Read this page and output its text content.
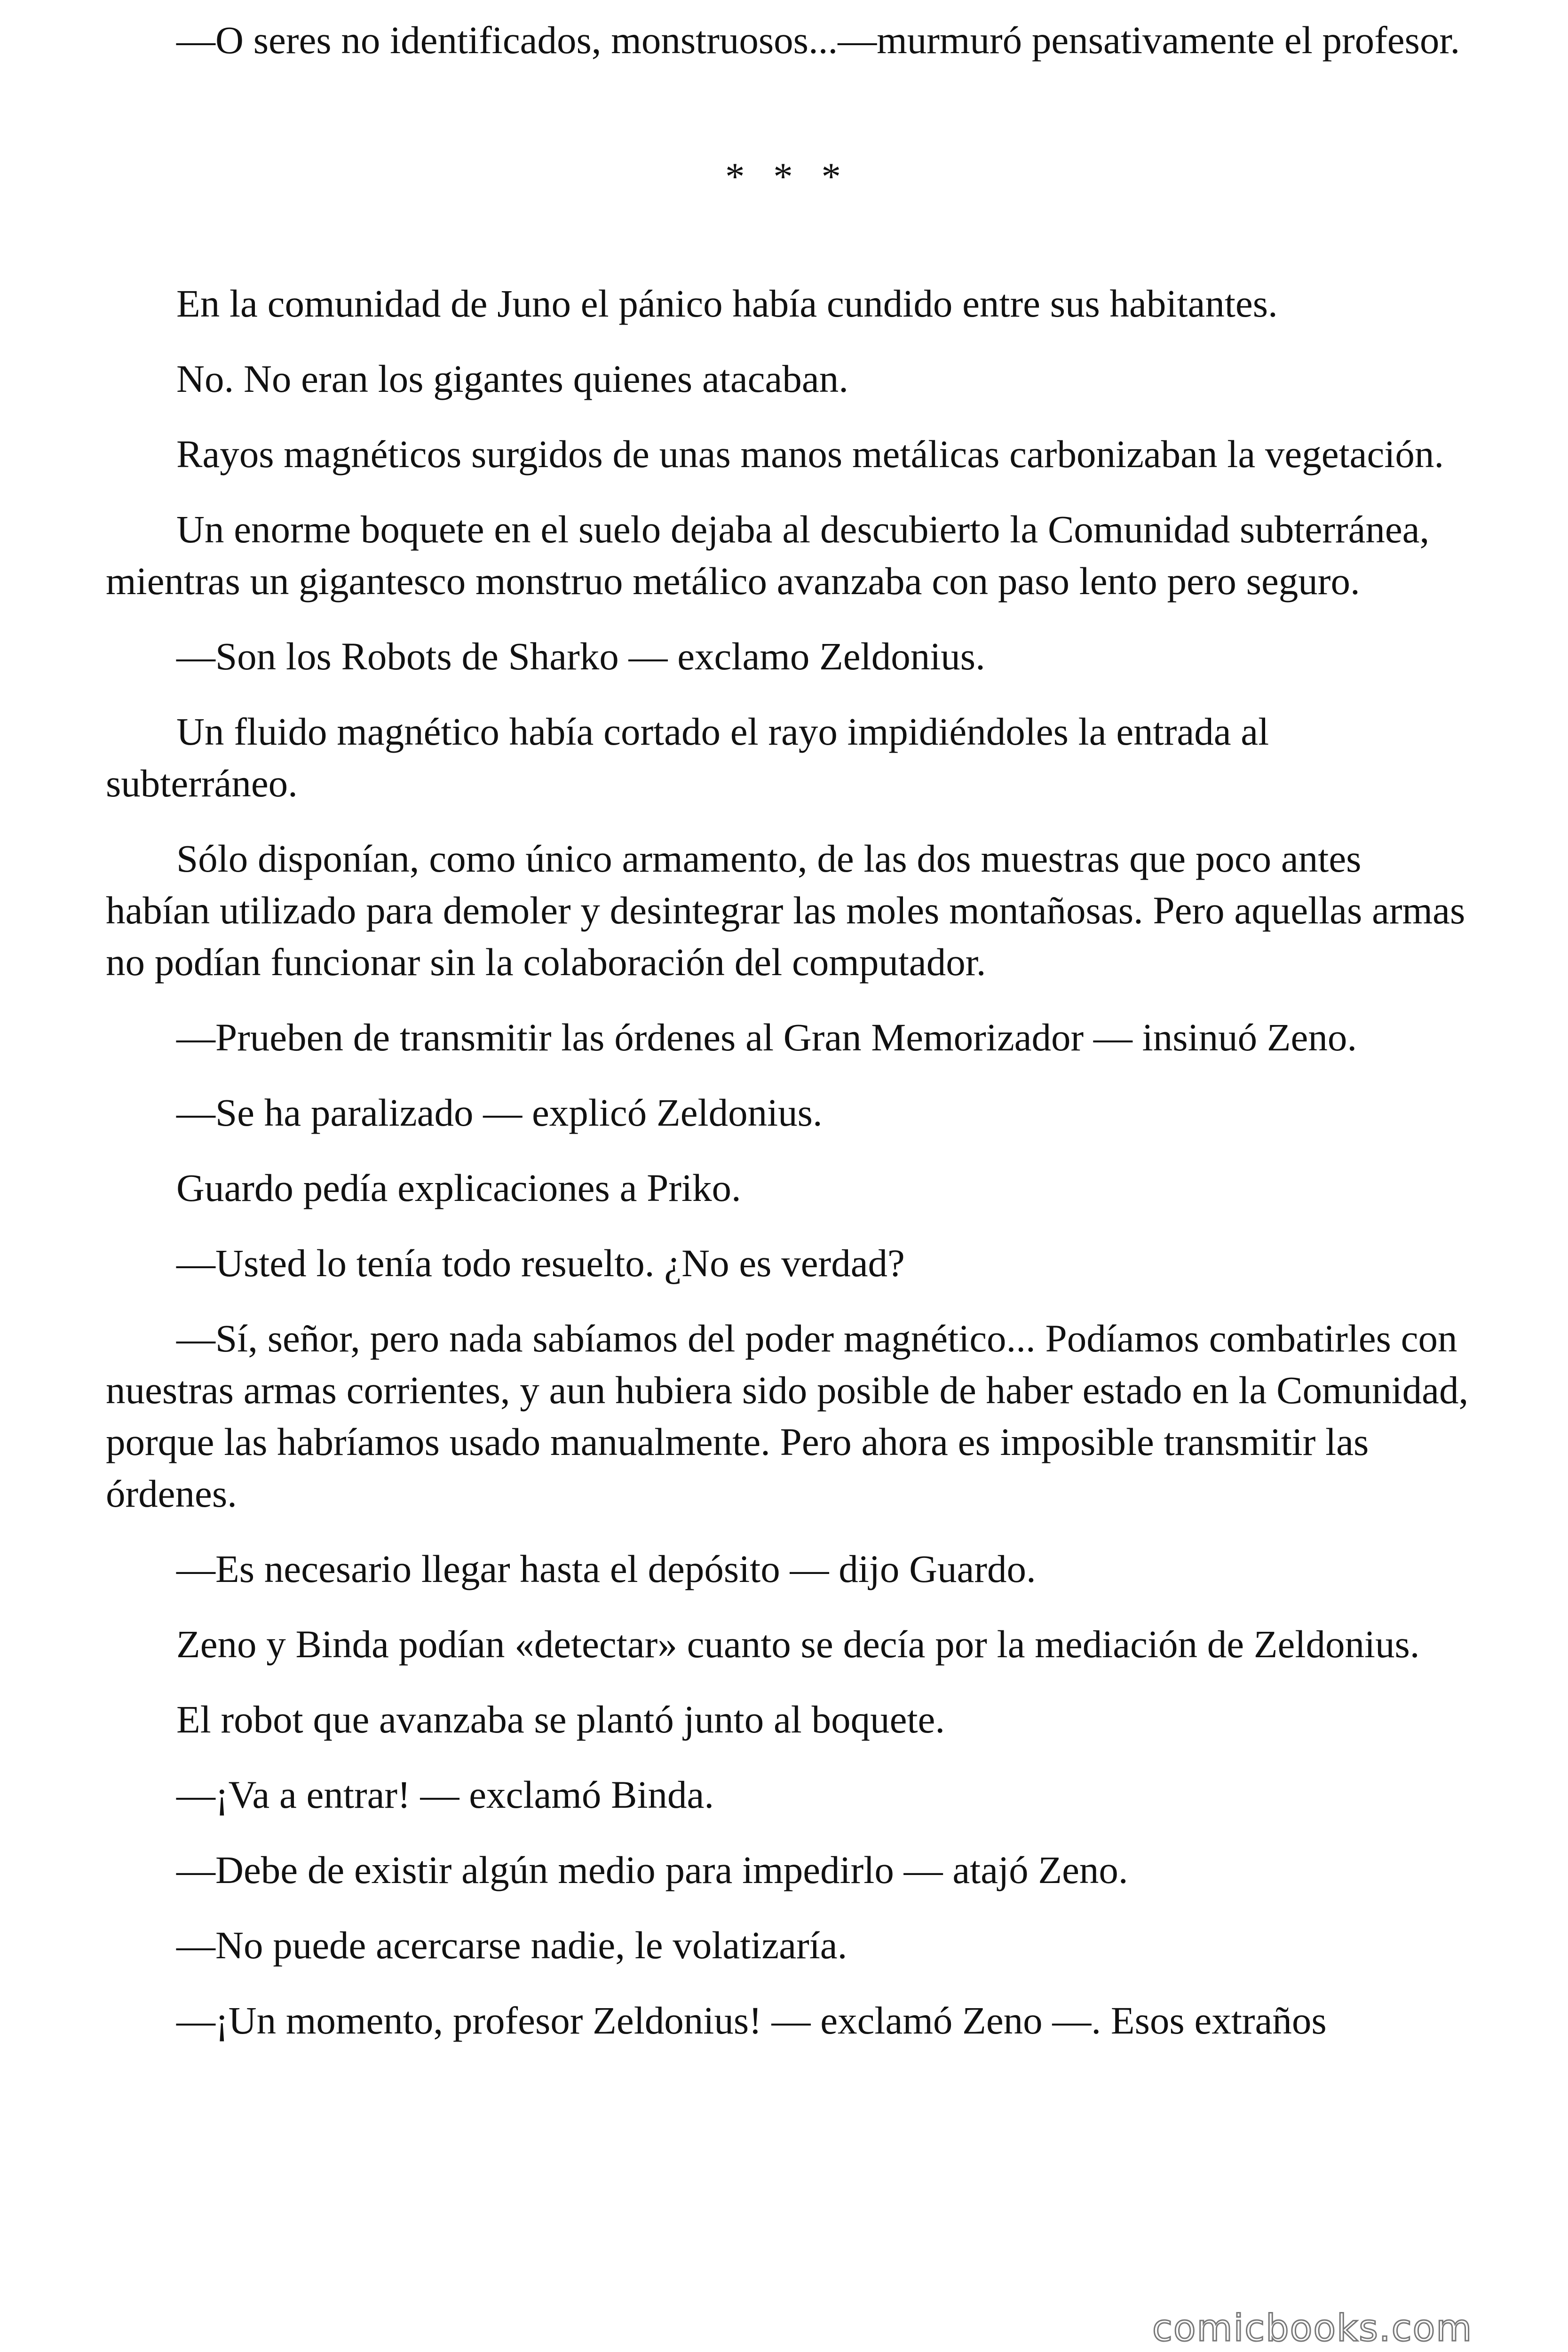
—O seres no identificados, monstruosos...—murmuró pensativamente el profesor.

* * *

En la comunidad de Juno el pánico había cundido entre sus habitantes.

No. No eran los gigantes quienes atacaban.

Rayos magnéticos surgidos de unas manos metálicas carbonizaban la vegetación.

Un enorme boquete en el suelo dejaba al descubierto la Comunidad subterránea, mientras un gigantesco monstruo metálico avanzaba con paso lento pero seguro.

—Son los Robots de Sharko — exclamo Zeldonius.

Un fluido magnético había cortado el rayo impidiéndoles la entrada al subterráneo.

Sólo disponían, como único armamento, de las dos muestras que poco antes habían utilizado para demoler y desintegrar las moles montañosas. Pero aquellas armas no podían funcionar sin la colaboración del computador.

—Prueben de transmitir las órdenes al Gran Memorizador — insinuó Zeno.

—Se ha paralizado — explicó Zeldonius.

Guardo pedía explicaciones a Priko.

—Usted lo tenía todo resuelto. ¿No es verdad?

—Sí, señor, pero nada sabíamos del poder magnético... Podíamos combatirles con nuestras armas corrientes, y aun hubiera sido posible de haber estado en la Comunidad, porque las habríamos usado manualmente. Pero ahora es imposible transmitir las órdenes.

—Es necesario llegar hasta el depósito — dijo Guardo.

Zeno y Binda podían «detectar» cuanto se decía por la mediación de Zeldonius.

El robot que avanzaba se plantó junto al boquete.

—¡Va a entrar! — exclamó Binda.

—Debe de existir algún medio para impedirlo — atajó Zeno.

—No puede acercarse nadie, le volatizaría.

—¡Un momento, profesor Zeldonius! — exclamó Zeno —. Esos extraños

comicbooks.com
